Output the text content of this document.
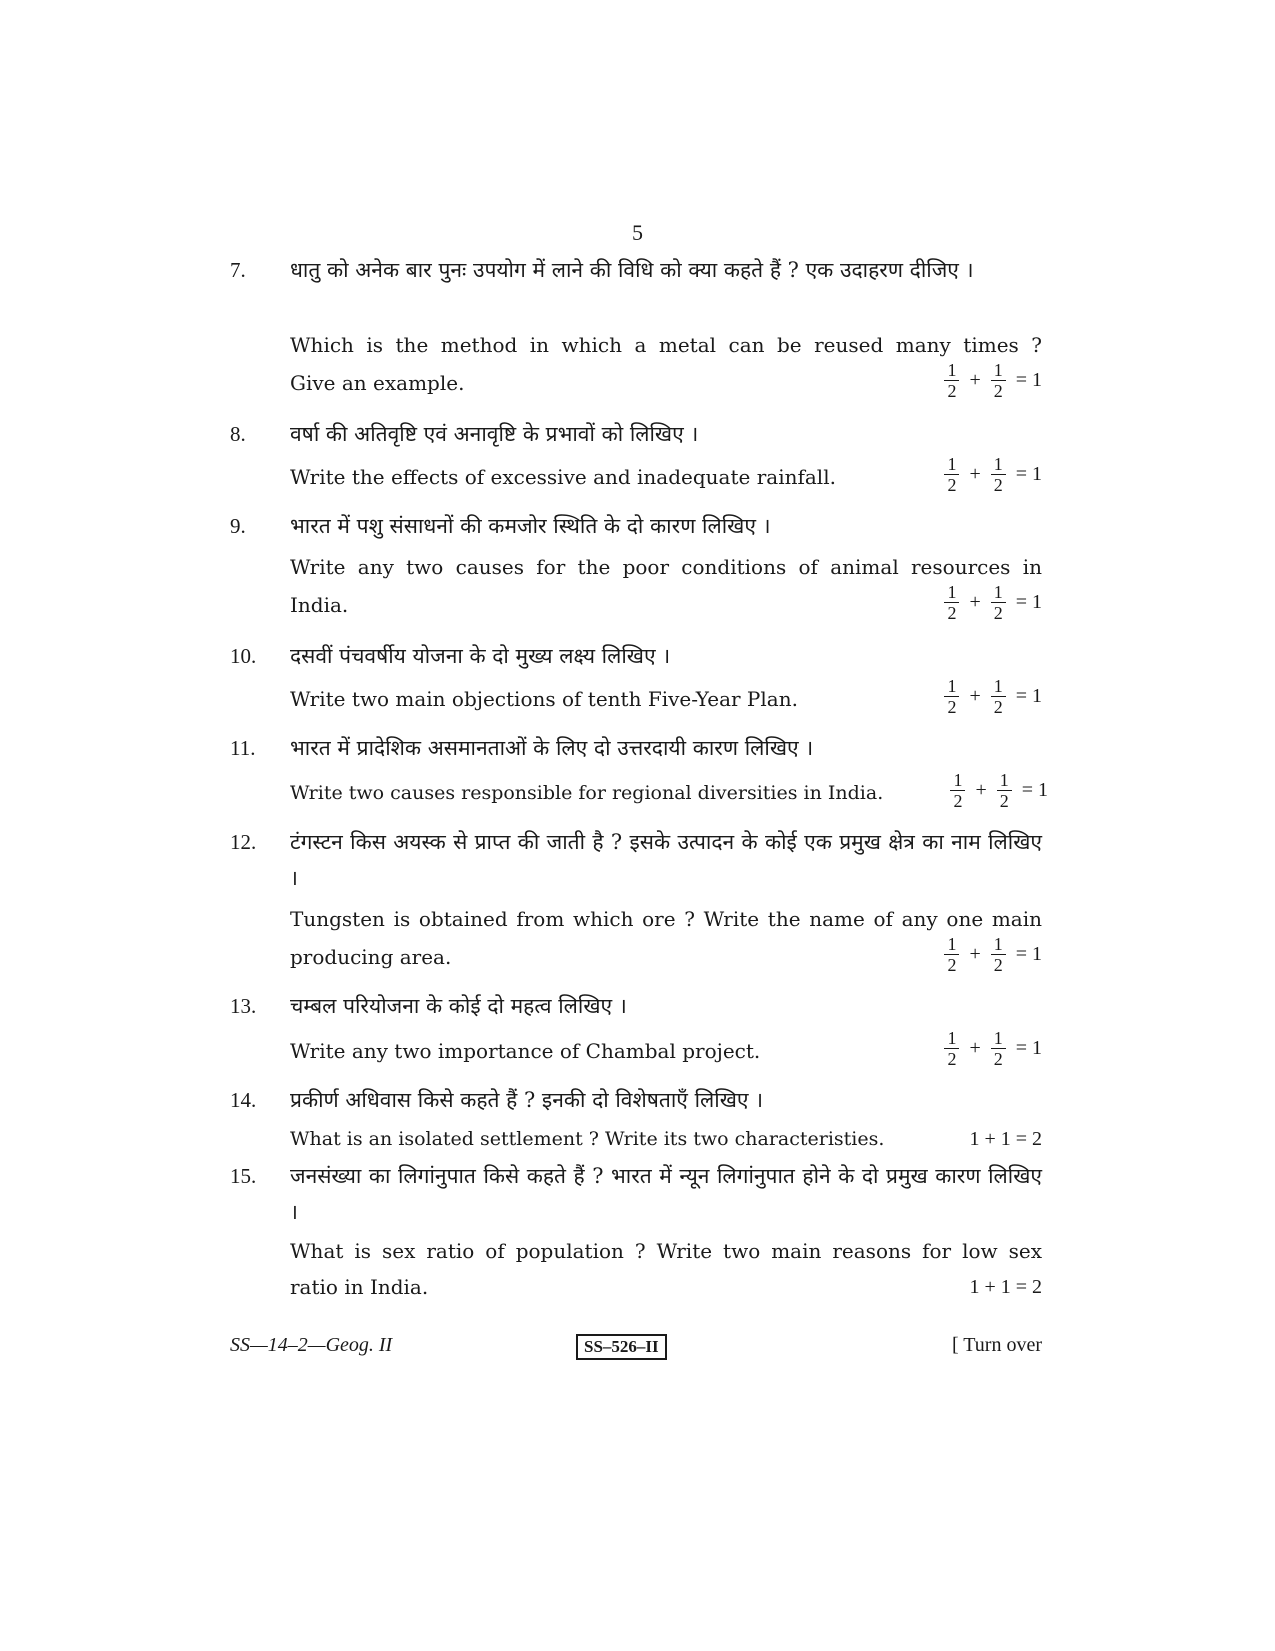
5
7. धातु को अनेक बार पुनः उपयोग में लाने की विधि को क्या कहते हैं ? एक उदाहरण दीजिए ।
Which is the method in which a metal can be reused many times ?
Give an example.	$\frac{1}{2} + \frac{1}{2} = 1$
8. वर्षा की अतिवृष्टि एवं अनावृष्टि के प्रभावों को लिखिए ।
Write the effects of excessive and inadequate rainfall.	$\frac{1}{2} + \frac{1}{2} = 1$
9. भारत में पशु संसाधनों की कमजोर स्थिति के दो कारण लिखिए ।
Write any two causes for the poor conditions of animal resources in
India.	$\frac{1}{2} + \frac{1}{2} = 1$
10. दसवीं पंचवर्षीय योजना के दो मुख्य लक्ष्य लिखिए ।
Write two main objections of tenth Five-Year Plan.	$\frac{1}{2} + \frac{1}{2} = 1$
11. भारत में प्रादेशिक असमानताओं के लिए दो उत्तरदायी कारण लिखिए ।
Write two causes responsible for regional diversities in India.	$\frac{1}{2} + \frac{1}{2} = 1$
12. टंगस्टन किस अयस्क से प्राप्त की जाती है ? इसके उत्पादन के कोई एक प्रमुख क्षेत्र का नाम लिखिए ।
Tungsten is obtained from which ore ? Write the name of any one main
producing area.	$\frac{1}{2} + \frac{1}{2} = 1$
13. चम्बल परियोजना के कोई दो महत्व लिखिए ।
Write any two importance of Chambal project.	$\frac{1}{2} + \frac{1}{2} = 1$
14. प्रकीर्ण अधिवास किसे कहते हैं ? इनकी दो विशेषताएँ लिखिए ।
What is an isolated settlement ? Write its two characteristies.	1 + 1 = 2
15. जनसंख्या का लिगांनुपात किसे कहते हैं ? भारत में न्यून लिगांनुपात होने के दो प्रमुख कारण लिखिए ।
What is sex ratio of population ? Write two main reasons for low sex
ratio in India.	1 + 1 = 2
SS—14–2—Geog. II	SS–526–II	[ Turn over
